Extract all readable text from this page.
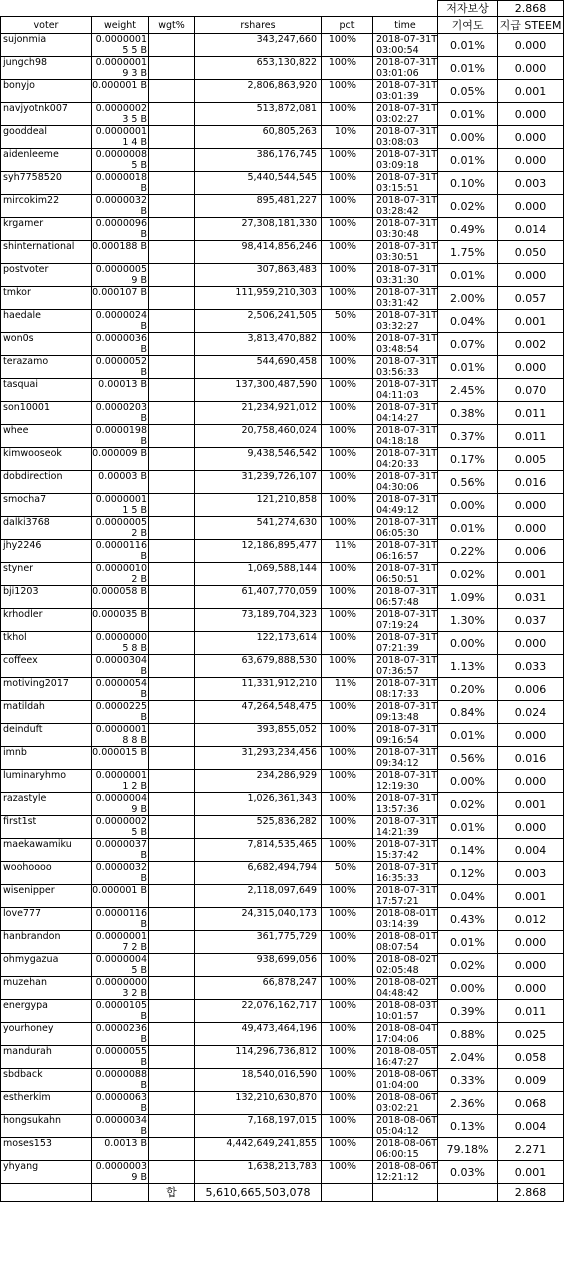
						저자보상	2.868
voter	weight	wgt%	rshares	pct	time	기여도	지급 STEEM
sujonmia	0.00000015 5 B		343,247,660	100%	2018-07-31T03:00:54	0.01%	0.000
jungch98	0.00000019 3 B		653,130,822	100%	2018-07-31T03:01:06	0.01%	0.000
bonyjo	0.000001 B		2,806,863,920	100%	2018-07-31T03:01:39	0.05%	0.001
navjyotnk007	0.00000023 5 B		513,872,081	100%	2018-07-31T03:02:27	0.01%	0.000
gooddeal	0.00000011 4 B		60,805,263	10%	2018-07-31T03:08:03	0.00%	0.000
aidenleeme	0.00000085 B		386,176,745	100%	2018-07-31T03:09:18	0.01%	0.000
syh7758520	0.0000018 B		5,440,544,545	100%	2018-07-31T03:15:51	0.10%	0.003
mircokim22	0.0000032 B		895,481,227	100%	2018-07-31T03:28:42	0.02%	0.000
krgamer	0.0000096 B		27,308,181,330	100%	2018-07-31T03:30:48	0.49%	0.014
shinternational	0.000188 B		98,414,856,246	100%	2018-07-31T03:30:51	1.75%	0.050
postvoter	0.00000059 B		307,863,483	100%	2018-07-31T03:31:30	0.01%	0.000
tmkor	0.000107 B		111,959,210,303	100%	2018-07-31T03:31:42	2.00%	0.057
haedale	0.0000024 B		2,506,241,505	50%	2018-07-31T03:32:27	0.04%	0.001
won0s	0.0000036 B		3,813,470,882	100%	2018-07-31T03:48:54	0.07%	0.002
terazamo	0.0000052 B		544,690,458	100%	2018-07-31T03:56:33	0.01%	0.000
tasquai	0.00013 B		137,300,487,590	100%	2018-07-31T04:11:03	2.45%	0.070
son10001	0.0000203 B		21,234,921,012	100%	2018-07-31T04:14:27	0.38%	0.011
whee	0.0000198 B		20,758,460,024	100%	2018-07-31T04:18:18	0.37%	0.011
kimwooseok	0.000009 B		9,438,546,542	100%	2018-07-31T04:20:33	0.17%	0.005
dobdirection	0.00003 B		31,239,726,107	100%	2018-07-31T04:30:06	0.56%	0.016
smocha7	0.00000011 5 B		121,210,858	100%	2018-07-31T04:49:12	0.00%	0.000
dalki3768	0.00000052 B		541,274,630	100%	2018-07-31T06:05:30	0.01%	0.000
jhy2246	0.0000116 B		12,186,895,477	11%	2018-07-31T06:16:57	0.22%	0.006
styner	0.00000102 B		1,069,588,144	100%	2018-07-31T06:50:51	0.02%	0.001
bji1203	0.000058 B		61,407,770,059	100%	2018-07-31T06:57:48	1.09%	0.031
krhodler	0.000035 B		73,189,704,323	100%	2018-07-31T07:19:24	1.30%	0.037
tkhol	0.00000005 8 B		122,173,614	100%	2018-07-31T07:21:39	0.00%	0.000
coffeex	0.0000304 B		63,679,888,530	100%	2018-07-31T07:36:57	1.13%	0.033
motiving2017	0.0000054 B		11,331,912,210	11%	2018-07-31T08:17:33	0.20%	0.006
matildah	0.0000225 B		47,264,548,475	100%	2018-07-31T09:13:48	0.84%	0.024
deinduft	0.00000018 8 B		393,855,052	100%	2018-07-31T09:16:54	0.01%	0.000
imnb	0.000015 B		31,293,234,456	100%	2018-07-31T09:34:12	0.56%	0.016
luminaryhmo	0.00000011 2 B		234,286,929	100%	2018-07-31T12:19:30	0.00%	0.000
razastyle	0.00000049 B		1,026,361,343	100%	2018-07-31T13:57:36	0.02%	0.001
first1st	0.00000025 B		525,836,282	100%	2018-07-31T14:21:39	0.01%	0.000
maekawamiku	0.0000037 B		7,814,535,465	100%	2018-07-31T15:37:42	0.14%	0.004
woohoooo	0.0000032 B		6,682,494,794	50%	2018-07-31T16:35:33	0.12%	0.003
wisenipper	0.000001 B		2,118,097,649	100%	2018-07-31T17:57:21	0.04%	0.001
love777	0.0000116 B		24,315,040,173	100%	2018-08-01T03:14:39	0.43%	0.012
hanbrandon	0.00000017 2 B		361,775,729	100%	2018-08-01T08:07:54	0.01%	0.000
ohmygazua	0.00000045 B		938,699,056	100%	2018-08-02T02:05:48	0.02%	0.000
muzehan	0.00000003 2 B		66,878,247	100%	2018-08-02T04:48:42	0.00%	0.000
energypa	0.0000105 B		22,076,162,717	100%	2018-08-03T10:01:57	0.39%	0.011
yourhoney	0.0000236 B		49,473,464,196	100%	2018-08-04T17:04:06	0.88%	0.025
mandurah	0.0000055 B		114,296,736,812	100%	2018-08-05T16:47:27	2.04%	0.058
sbdback	0.0000088 B		18,540,016,590	100%	2018-08-06T01:04:00	0.33%	0.009
estherkim	0.0000063 B		132,210,630,870	100%	2018-08-06T03:02:21	2.36%	0.068
hongsukahn	0.0000034 B		7,168,197,015	100%	2018-08-06T05:04:12	0.13%	0.004
moses153	0.0013 B		4,442,649,241,855	100%	2018-08-06T06:00:15	79.18%	2.271
yhyang	0.00000039 B		1,638,213,783	100%	2018-08-06T12:21:12	0.03%	0.001
		합	5,610,665,503,078				2.868
